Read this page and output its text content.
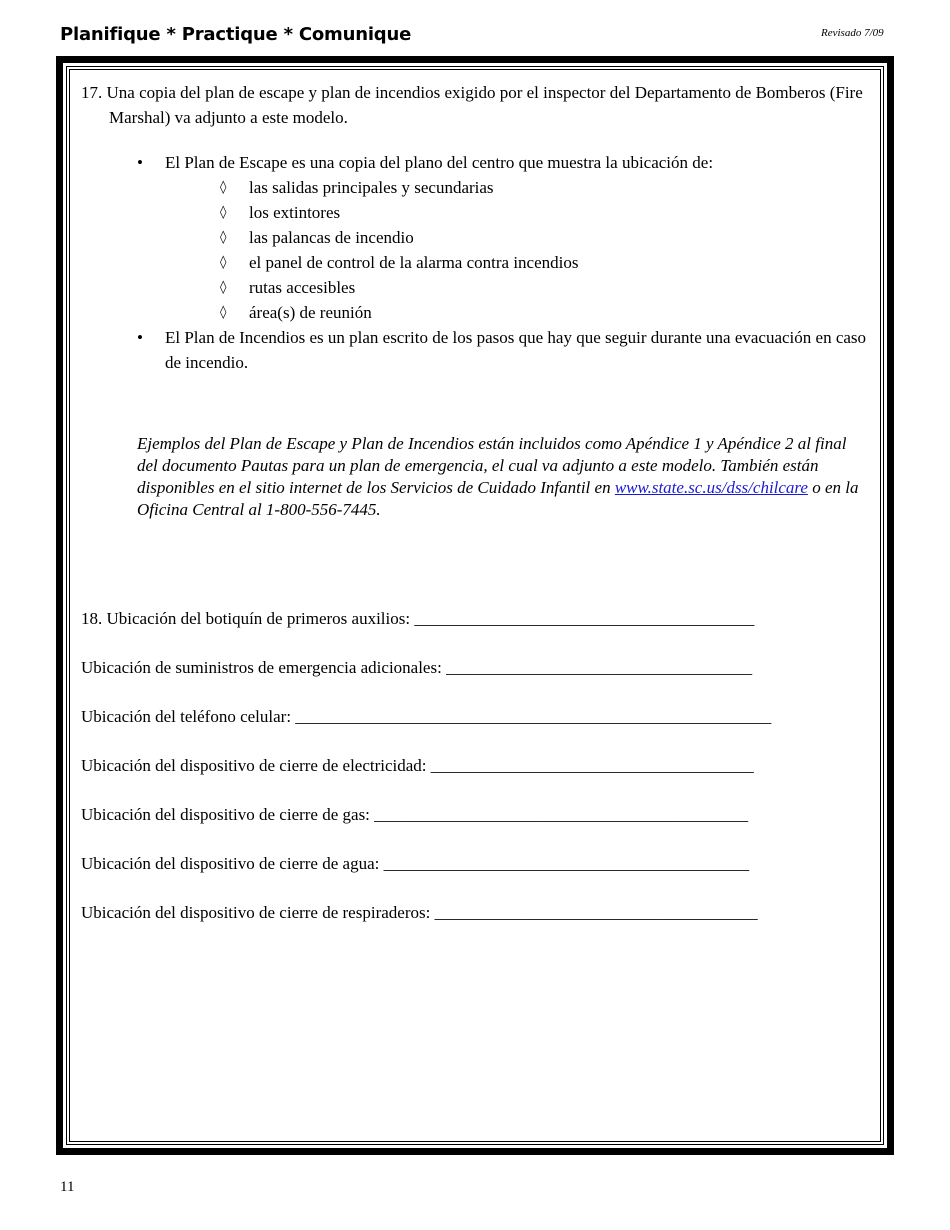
Planifique * Practique * Comunique	Revisado 7/09
17. Una copia del plan de escape y plan de incendios exigido por el inspector del Departamento de Bomberos (Fire Marshal) va adjunto a este modelo.
• El Plan de Escape es una copia del plano del centro que muestra la ubicación de:
◊ las salidas principales y secundarias
◊ los extintores
◊ las palancas de incendio
◊ el panel de control de la alarma contra incendios
◊ rutas accesibles
◊ área(s) de reunión
• El Plan de Incendios es un plan escrito de los pasos que hay que seguir durante una evacuación en caso de incendio.
Ejemplos del Plan de Escape y Plan de Incendios están incluidos como Apéndice 1 y Apéndice 2 al final del documento Pautas para un plan de emergencia, el cual va adjunto a este modelo. También están disponibles en el sitio internet de los Servicios de Cuidado Infantil en www.state.sc.us/dss/chilcare o en la Oficina Central al 1-800-556-7445.
18. Ubicación del botiquín de primeros auxilios: ________________________________________
Ubicación de suministros de emergencia adicionales: ____________________________________
Ubicación del teléfono celular: ________________________________________________________
Ubicación del dispositivo de cierre de electricidad: ______________________________________
Ubicación del dispositivo de cierre de gas: ____________________________________________
Ubicación del dispositivo de cierre de agua: ___________________________________________
Ubicación del dispositivo de cierre de respiraderos: ______________________________________
11
